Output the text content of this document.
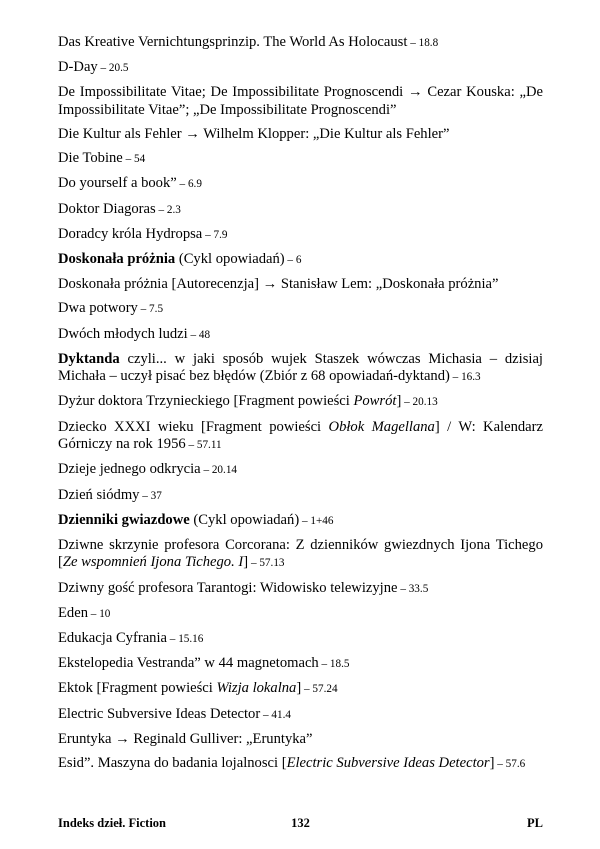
Das Kreative Vernichtungsprinzip. The World As Holocaust – 18.8
D-Day – 20.5
De Impossibilitate Vitae; De Impossibilitate Prognoscendi → Cezar Kouska: „De Impossibilitate Vitae”; „De Impossibilitate Prognoscendi”
Die Kultur als Fehler → Wilhelm Klopper: „Die Kultur als Fehler”
Die Tobine – 54
Do yourself a book” – 6.9
Doktor Diagoras – 2.3
Doradcy króla Hydropsa – 7.9
Doskonała próżnia (Cykl opowiadań) – 6
Doskonała próżnia [Autorecenzja] → Stanisław Lem: „Doskonała próżnia”
Dwa potwory – 7.5
Dwóch młodych ludzi – 48
Dyktanda czyli... w jaki sposób wujek Staszek wówczas Michasia – dzisiaj Michała – uczył pisać bez błędów (Zbiór z 68 opowiadań-dyktand) – 16.3
Dyżur doktora Trzynieckiego [Fragment powieści Powrót] – 20.13
Dziecko XXXI wieku [Fragment powieści Obłok Magellana] / W: Kalendarz Górniczy na rok 1956 – 57.11
Dzieje jednego odkrycia – 20.14
Dzień siódmy – 37
Dzienniki gwiazdowe (Cykl opowiadań) – 1+46
Dziwne skrzynie profesora Corcorana: Z dzienników gwiezdnych Ijona Tichego [Ze wspomnień Ijona Tichego. I] – 57.13
Dziwny gość profesora Tarantogi: Widowisko telewizyjne – 33.5
Eden – 10
Edukacja Cyfrania – 15.16
Ekstelopedia Vestranda” w 44 magnetomach – 18.5
Ektok [Fragment powieści Wizja lokalna] – 57.24
Electric Subversive Ideas Detector – 41.4
Eruntyka → Reginald Gulliver: „Eruntyka”
Esid”. Maszyna do badania lojalnosci [Electric Subversive Ideas Detector] – 57.6
Indeks dzieł. Fiction	132	PL
